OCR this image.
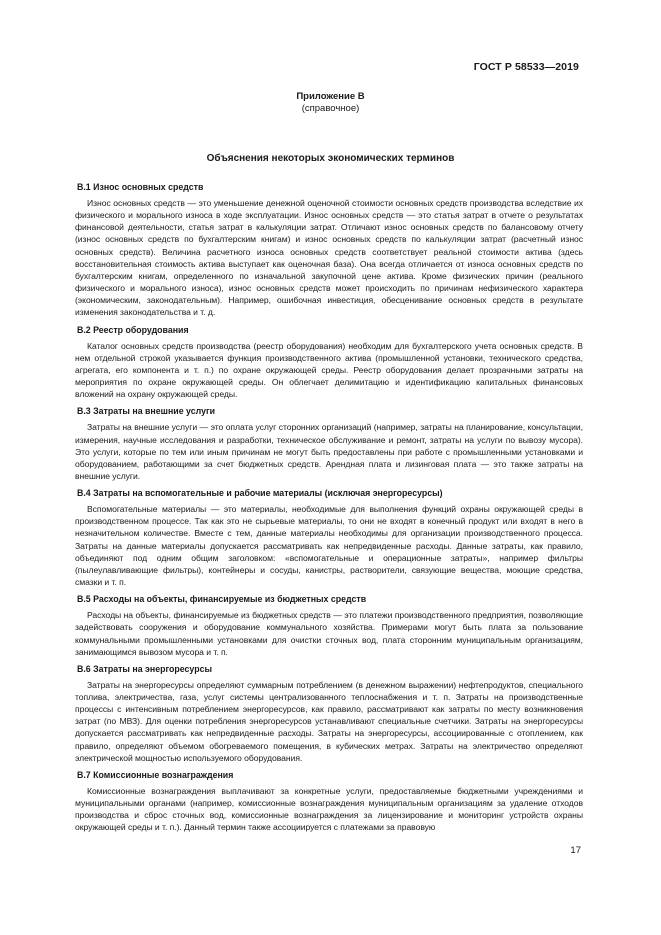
ГОСТ Р 58533—2019
Приложение В
(справочное)
Объяснения некоторых экономических терминов
В.1 Износ основных средств

Износ основных средств — это уменьшение денежной оценочной стоимости основных средств производства вследствие их физического и морального износа в ходе эксплуатации. Износ основных средств — это статья затрат в отчете о результатах финансовой деятельности, статья затрат в калькуляции затрат. Отличают износ основных средств по балансовому отчету (износ основных средств по бухгалтерским книгам) и износ основных средств по калькуляции затрат (расчетный износ основных средств). Величина расчетного износа основных средств соответствует реальной стоимости актива (здесь восстановительная стоимость актива выступает как оценочная база). Она всегда отличается от износа основных средств по бухгалтерским книгам, определенного по изначальной закупочной цене актива. Кроме физических причин (реального физического и морального износа), износ основных средств может происходить по причинам нефизического характера (экономическим, законодательным). Например, ошибочная инвестиция, обесценивание основных средств в результате изменения законодательства и т. д.

В.2 Реестр оборудования

Каталог основных средств производства (реестр оборудования) необходим для бухгалтерского учета основных средств. В нем отдельной строкой указывается функция производственного актива (промышленной установки, технического средства, агрегата, его компонента и т. п.) по охране окружающей среды. Реестр оборудования делает прозрачными затраты на мероприятия по охране окружающей среды. Он облегчает делимитацию и идентификацию капитальных финансовых вложений на охрану окружающей среды.

В.3 Затраты на внешние услуги

Затраты на внешние услуги — это оплата услуг сторонних организаций (например, затраты на планирование, консультации, измерения, научные исследования и разработки, техническое обслуживание и ремонт, затраты на услуги по вывозу мусора). Это услуги, которые по тем или иным причинам не могут быть предоставлены при работе с промышленными установками и оборудованием, работающими за счет бюджетных средств. Арендная плата и лизинговая плата — это также затраты на внешние услуги.

В.4 Затраты на вспомогательные и рабочие материалы (исключая энергоресурсы)

Вспомогательные материалы — это материалы, необходимые для выполнения функций охраны окружающей среды в производственном процессе. Так как это не сырьевые материалы, то они не входят в конечный продукт или входят в него в незначительном количестве. Вместе с тем, данные материалы необходимы для организации производственного процесса. Затраты на данные материалы допускается рассматривать как непредвиденные расходы. Данные затраты, как правило, объединяют под одним общим заголовком: «вспомогательные и операционные затраты», например фильтры (пылеулавливающие фильтры), контейнеры и сосуды, канистры, растворители, связующие вещества, моющие средства, смазки и т. п.

В.5 Расходы на объекты, финансируемые из бюджетных средств

Расходы на объекты, финансируемые из бюджетных средств — это платежи производственного предприятия, позволяющие задействовать сооружения и оборудование коммунального хозяйства. Примерами могут быть плата за пользование коммунальными промышленными установками для очистки сточных вод, плата сторонним муниципальным организациям, занимающимся вывозом мусора и т. п.

В.6 Затраты на энергоресурсы

Затраты на энергоресурсы определяют суммарным потреблением (в денежном выражении) нефтепродуктов, специального топлива, электричества, газа, услуг системы централизованного теплоснабжения и т. п. Затраты на производственные процессы с интенсивным потреблением энергоресурсов, как правило, рассматривают как затраты по месту возникновения затрат (по МВЗ). Для оценки потребления энергоресурсов устанавливают специальные счетчики. Затраты на энергоресурсы допускается рассматривать как непредвиденные расходы. Затраты на энергоресурсы, ассоциированные с отоплением, как правило, определяют объемом обогреваемого помещения, в кубических метрах. Затраты на электричество определяют электрической мощностью используемого оборудования.

В.7 Комиссионные вознаграждения

Комиссионные вознаграждения выплачивают за конкретные услуги, предоставляемые бюджетными учреждениями и муниципальными органами (например, комиссионные вознаграждения муниципальным организациям за удаление отходов производства и сброс сточных вод, комиссионные вознаграждения за лицензирование и мониторинг устройств охраны окружающей среды и т. п.). Данный термин также ассоциируется с платежами за правовую

17
